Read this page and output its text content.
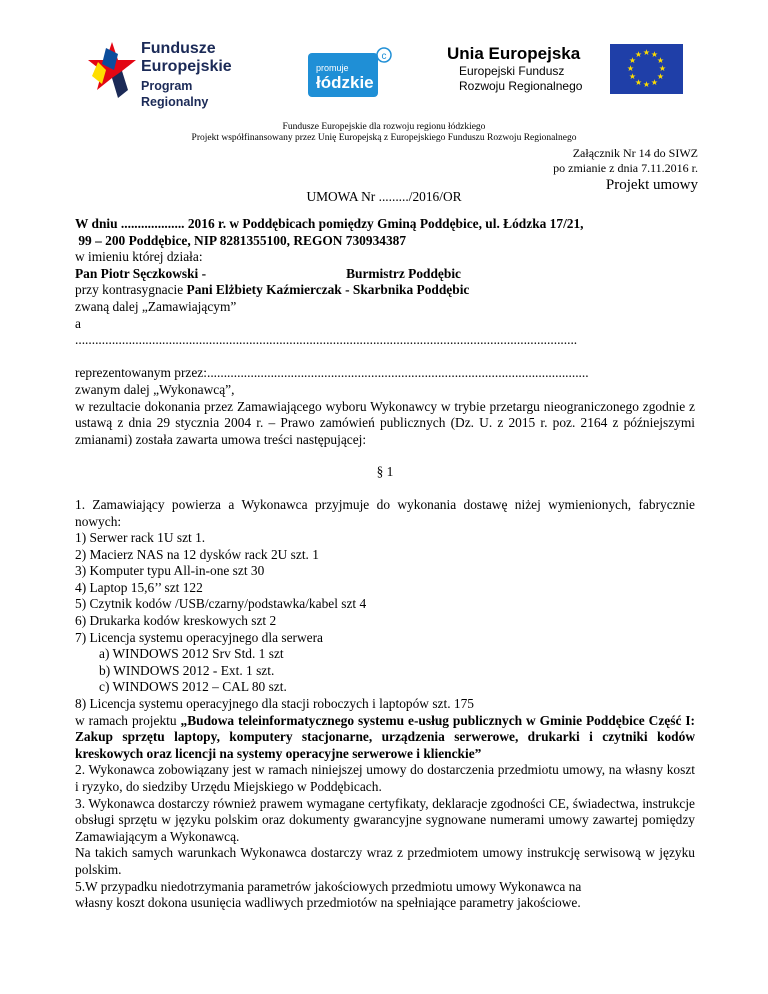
Fundusze
Europejskie
Program Regionalny
c
promuje
łódzkie
Unia Europejska
Europejski Fundusz
Rozwoju Regionalnego
★ ★
★
★
★
★
★
★
★
★
★
★
Fundusze Europejskie dla rozwoju regionu łódzkiego
Projekt współfinansowany przez Unię Europejską z Europejskiego Funduszu Rozwoju Regionalnego
Załącznik Nr 14 do SIWZ
po zmianie z dnia 7.11.2016 r.
Projekt umowy
UMOWA Nr ........./2016/OR

W dniu ................... 2016 r. w Poddębicach pomiędzy Gminą Poddębice, ul. Łódzka 17/21,

99 – 200 Poddębice, NIP 8281355100, REGON 730934387

w imieniu której działa:

Pan Piotr Sęczkowski -	Burmistrz Poddębic

przy kontrasygnacie Pani Elżbiety Kaźmierczak - Skarbnika Poddębic

zwaną dalej „Zamawiającym”

a

......................................................................................................................................................

reprezentowanym przez:..................................................................................................................

zwanym dalej „Wykonawcą”,

w rezultacie dokonania przez Zamawiającego wyboru Wykonawcy w trybie przetargu nieograniczonego zgodnie z ustawą z dnia 29 stycznia 2004 r. – Prawo zamówień publicznych (Dz. U. z 2015 r. poz. 2164 z późniejszymi zmianami) została zawarta umowa treści następującej:

§ 1

1. Zamawiający powierza a Wykonawca przyjmuje do wykonania dostawę niżej wymienionych, fabrycznie nowych:

1) Serwer rack 1U szt 1.

2) Macierz NAS na 12 dysków rack 2U szt. 1

3) Komputer typu All-in-one szt 30

4) Laptop 15,6’’ szt 122

5) Czytnik kodów /USB/czarny/podstawka/kabel szt 4

6) Drukarka kodów kreskowych szt 2

7) Licencja systemu operacyjnego dla serwera

a) WINDOWS 2012 Srv Std. 1 szt

b) WINDOWS 2012 - Ext. 1 szt.

c) WINDOWS 2012 – CAL 80 szt.

8) Licencja systemu operacyjnego dla stacji roboczych i laptopów szt. 175

w ramach projektu „Budowa teleinformatycznego systemu e-usług publicznych w Gminie Poddębice Część I: Zakup sprzętu laptopy, komputery stacjonarne, urządzenia serwerowe, drukarki i czytniki kodów kreskowych oraz licencji na systemy operacyjne serwerowe i klienckie”

2. Wykonawca zobowiązany jest w ramach niniejszej umowy do dostarczenia przedmiotu umowy, na własny koszt i ryzyko, do siedziby Urzędu Miejskiego w Poddębicach.

3. Wykonawca dostarczy również prawem wymagane certyfikaty, deklaracje zgodności CE, świadectwa, instrukcje obsługi sprzętu w języku polskim oraz dokumenty gwarancyjne sygnowane numerami umowy zawartej pomiędzy Zamawiającym a Wykonawcą.

Na takich samych warunkach Wykonawca dostarczy wraz z przedmiotem umowy instrukcję serwisową w języku polskim.

5.W przypadku niedotrzymania parametrów jakościowych przedmiotu umowy Wykonawca na

własny koszt dokona usunięcia wadliwych przedmiotów na spełniające parametry jakościowe.
